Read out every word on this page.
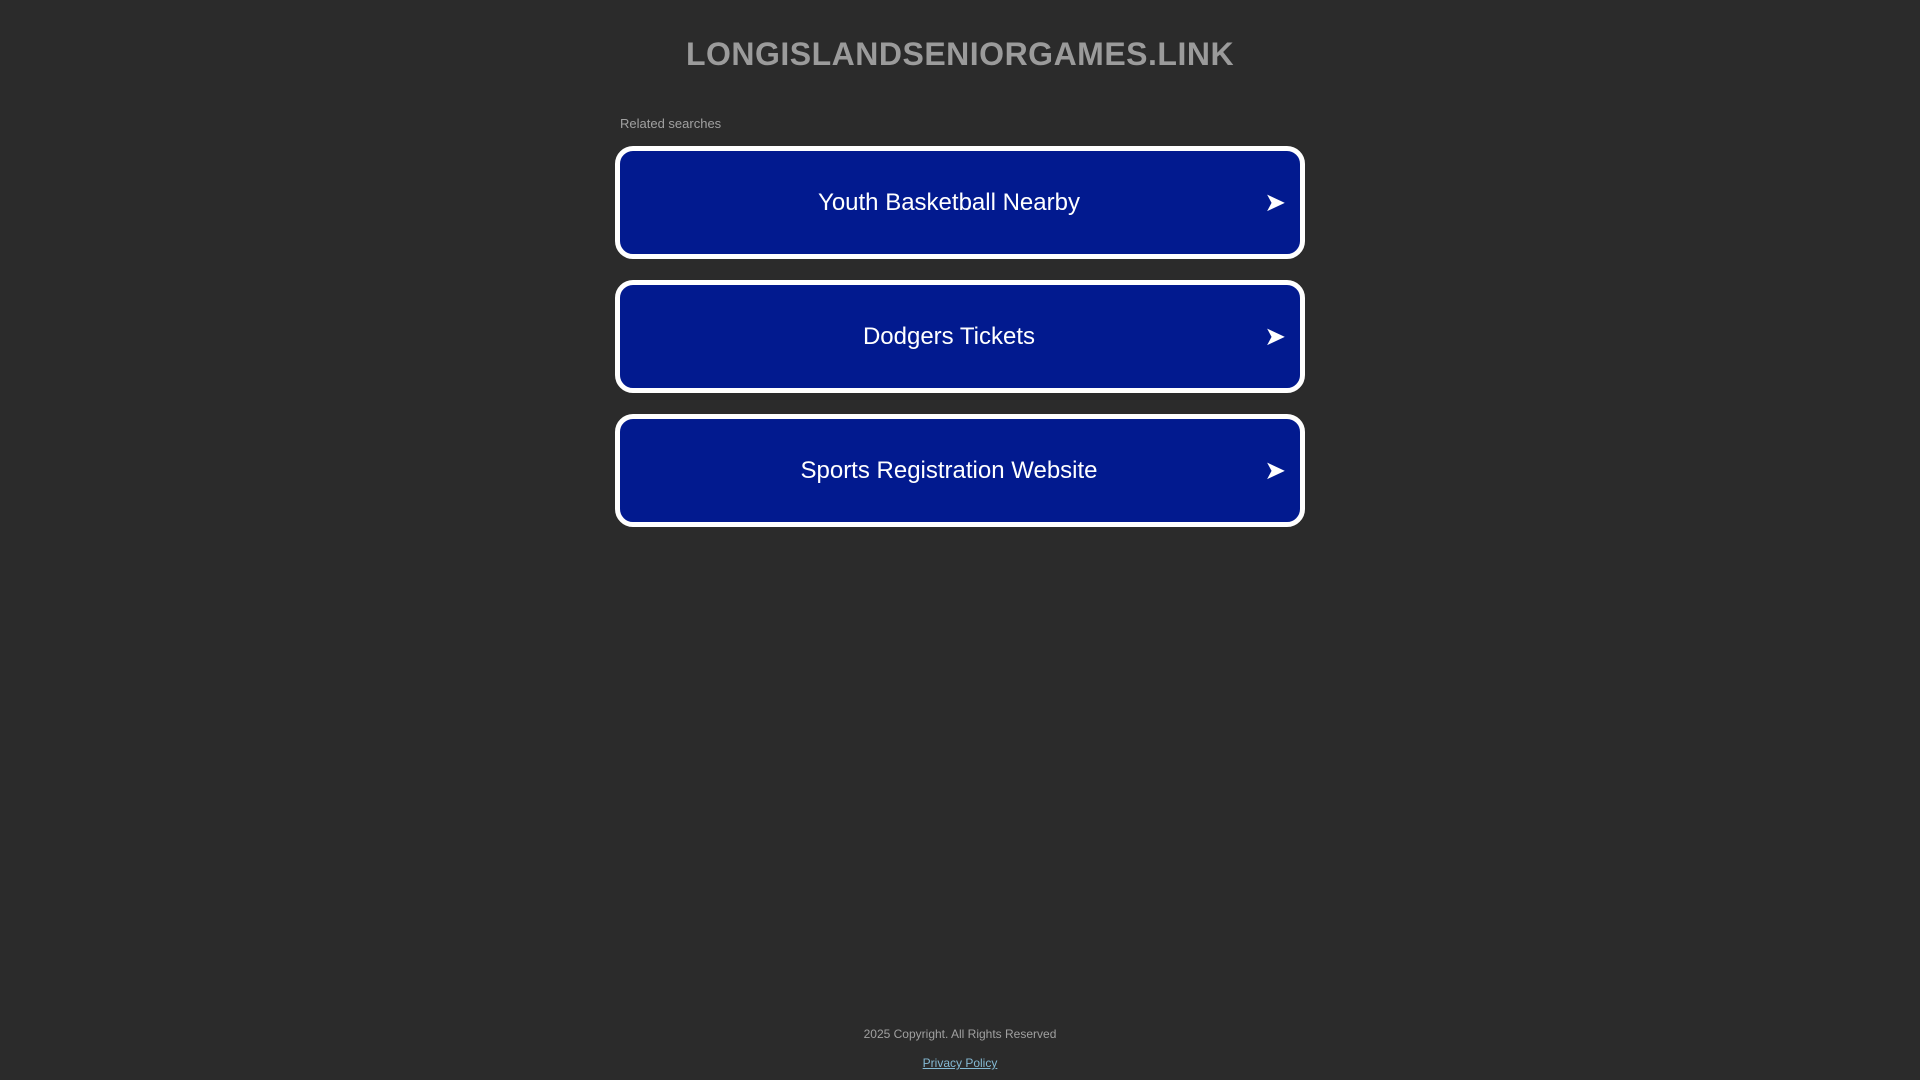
LONGISLANDSENIORGAMES.LINK
Related searches
Youth Basketball Nearby	➤
Dodgers Tickets	➤
Sports Registration Website	➤
2025 Copyright. All Rights Reserved
Privacy Policy
